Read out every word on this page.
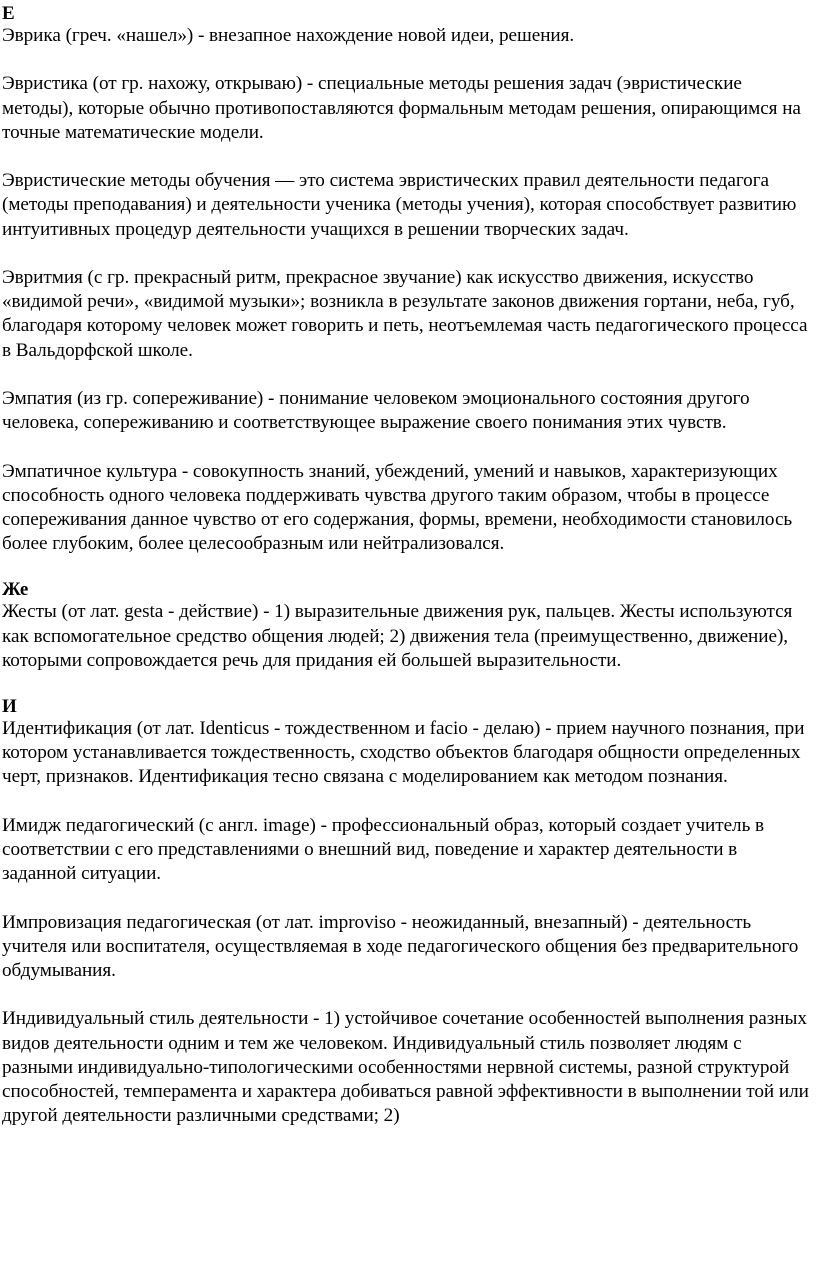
Е

Эврика (греч. «нашел») - внезапное нахождение новой идеи, решения.

Эвристика (от гр. нахожу, открываю) - специальные методы решения задач (эвристические методы), которые обычно противопоставляются формальным методам решения, опирающимся на точные математические модели.

Эвристические методы обучения — это система эвристических правил деятельности педагога (методы преподавания) и деятельности ученика (методы учения), которая способствует развитию интуитивных процедур деятельности учащихся в решении творческих задач.

Эвритмия (с гр. прекрасный ритм, прекрасное звучание) как искусство движения, искусство «видимой речи», «видимой музыки»; возникла в результате законов движения гортани, неба, губ, благодаря которому человек может говорить и петь, неотъемлемая часть педагогического процесса в Вальдорфской школе.

Эмпатия (из гр. сопереживание) - понимание человеком эмоционального состояния другого человека, сопереживанию и соответствующее выражение своего понимания этих чувств.

Эмпатичное культура - совокупность знаний, убеждений, умений и навыков, характеризующих способность одного человека поддерживать чувства другого таким образом, чтобы в процессе сопереживания данное чувство от его содержания, формы, времени, необходимости становилось более глубоким, более целесообразным или нейтрализовался.

Же

Жесты (от лат. gesta - действие) - 1) выразительные движения рук, пальцев. Жесты используются как вспомогательное средство общения людей; 2) движения тела (преимущественно, движение), которыми сопровождается речь для придания ей большей выразительности.

И

Идентификация (от лат. Identicus - тождественном и facio - делаю) - прием научного познания, при котором устанавливается тождественность, сходство объектов благодаря общности определенных черт, признаков. Идентификация тесно связана с моделированием как методом познания.

Имидж педагогический (с англ. image) - профессиональный образ, который создает учитель в соответствии с его представлениями о внешний вид, поведение и характер деятельности в заданной ситуации.

Импровизация педагогическая (от лат. improviso - неожиданный, внезапный) - деятельность учителя или воспитателя, осуществляемая в ходе педагогического общения без предварительного обдумывания.

Индивидуальный стиль деятельности - 1) устойчивое сочетание особенностей выполнения разных видов деятельности одним и тем же человеком. Индивидуальный стиль позволяет людям с разными индивидуально-типологическими особенностями нервной системы, разной структурой способностей, темперамента и характера добиваться равной эффективности в выполнении той или другой деятельности различными средствами; 2)
